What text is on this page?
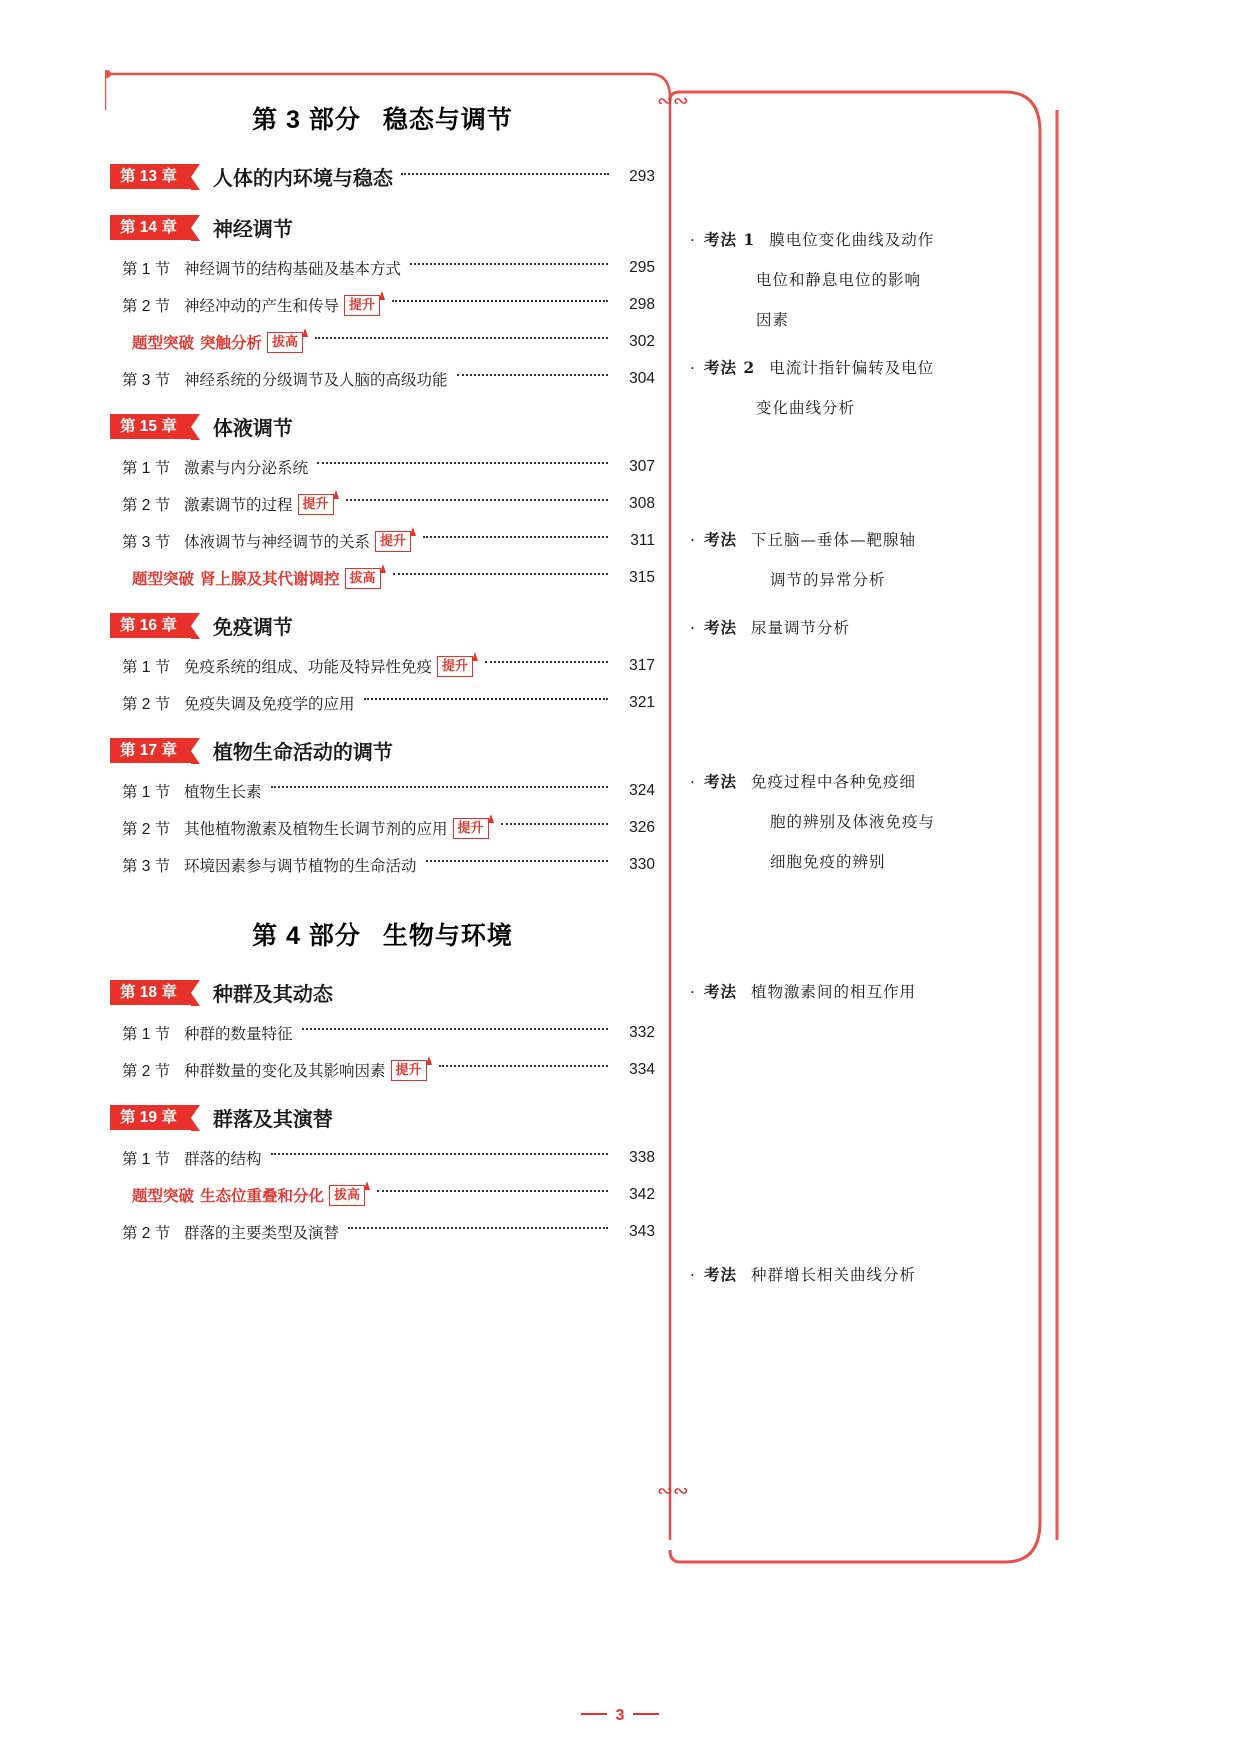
∾∾
∾∾
第 3 部分 稳态与调节
第 13 章	人体的内环境与稳态	293
第 14 章	神经调节
第 1 节 神经调节的结构基础及基本方式	295
第 2 节 神经冲动的产生和传导 提升	298
题型突破 突触分析 拔高	302
第 3 节 神经系统的分级调节及人脑的高级功能	304
第 15 章	体液调节
第 1 节 激素与内分泌系统	307
第 2 节 激素调节的过程 提升	308
第 3 节 体液调节与神经调节的关系 提升	311
题型突破 肾上腺及其代谢调控 拔高	315
第 16 章	免疫调节
第 1 节 免疫系统的组成、功能及特异性免疫 提升	317
第 2 节 免疫失调及免疫学的应用	321
第 17 章	植物生命活动的调节
第 1 节 植物生长素	324
第 2 节 其他植物激素及植物生长调节剂的应用 提升	326
第 3 节 环境因素参与调节植物的生命活动	330
第 4 部分 生物与环境
第 18 章	种群及其动态
第 1 节 种群的数量特征	332
第 2 节 种群数量的变化及其影响因素 提升	334
第 19 章	群落及其演替
第 1 节 群落的结构	338
题型突破 生态位重叠和分化 拔高	342
第 2 节 群落的主要类型及演替	343
· 考法 1 膜电位变化曲线及动作
电位和静息电位的影响
因素
· 考法 2 电流计指针偏转及电位
变化曲线分析
· 考法 下丘脑—垂体—靶腺轴
调节的异常分析
· 考法 尿量调节分析
· 考法 免疫过程中各种免疫细
胞的辨别及体液免疫与
细胞免疫的辨别
· 考法 植物激素间的相互作用
· 考法 种群增长相关曲线分析
3
